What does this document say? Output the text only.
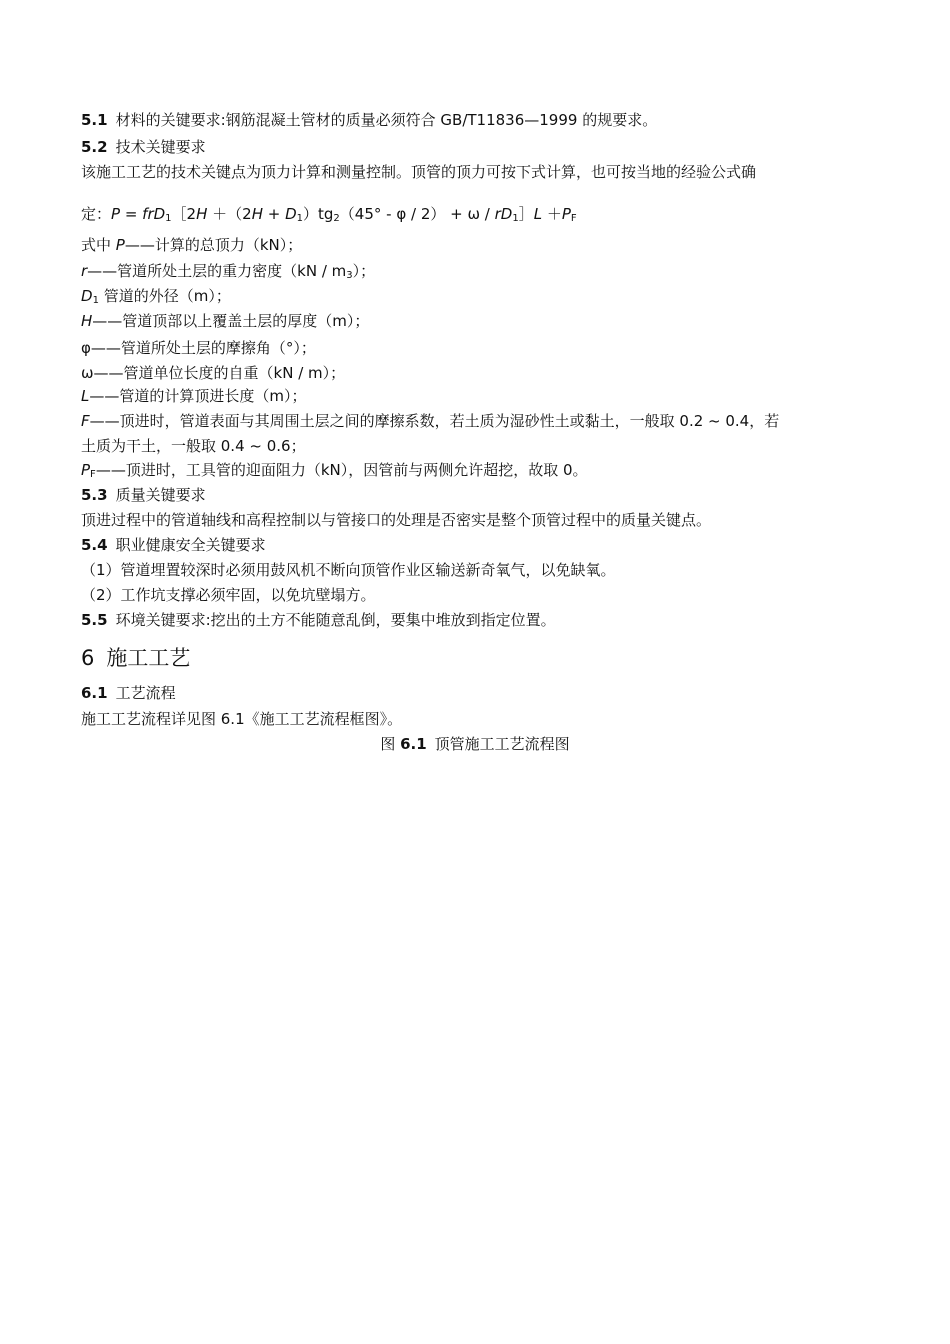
5.1 材料的关键要求:钢筋混凝土管材的质量必须符合 GB/T11836—1999 的规要求。
5.2 技术关键要求
该施工工艺的技术关键点为顶力计算和测量控制。顶管的顶力可按下式计算，也可按当地的经验公式确
定：P = frD$_1$［2H $+(2H + D_1)tg_2(45^\circ - \varphi / 2) + \omega$ / $rD_1]L +P_F$
式中 P——计算的总顶力（kN）；
r——管道所处土层的重力密度$(kN / m_3)$；
$D_1$ 管道的外径（m）；
H——管道顶部以上覆盖土层的厚度（m）；
φ——管道所处土层的摩擦角（°）；
ω——管道单位长度的自重（kN / m）；
L——管道的计算顶进长度（m）；
F——顶进时，管道表面与其周围土层之间的摩擦系数，若土质为湿砂性土或黏土，一般取 0.2 ~ 0.4，若
土质为干土，一般取 0.4 ~ 0.6；
$P_F——$顶进时，工具管的迎面阻力（kN），因管前与两侧允许超挖，故取 0。
5.3 质量关键要求
顶进过程中的管道轴线和高程控制以与管接口的处理是否密实是整个顶管过程中的质量关键点。
5.4 职业健康安全关键要求
（1）管道埋置较深时必须用鼓风机不断向顶管作业区输送新奇氧气，以免缺氧。
（2）工作坑支撑必须牢固，以免坑壁塌方。
5.5 环境关键要求:挖出的土方不能随意乱倒，要集中堆放到指定位置。
6 施工工艺
6.1 工艺流程
施工工艺流程详见图 6.1《施工工艺流程框图》。
图 6.1 顶管施工工艺流程图
